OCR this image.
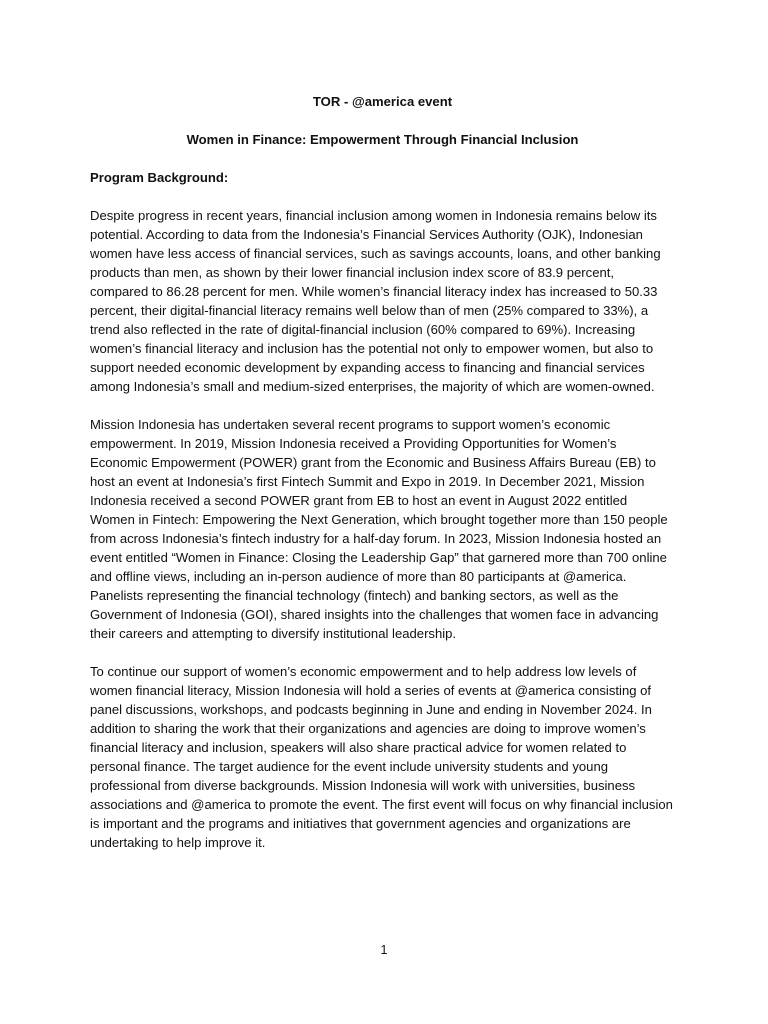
TOR - @america event

Women in Finance: Empowerment Through Financial Inclusion

Program Background:

Despite progress in recent years, financial inclusion among women in Indonesia remains below its potential. According to data from the Indonesia’s Financial Services Authority (OJK), Indonesian women have less access of financial services, such as savings accounts, loans, and other banking products than men, as shown by their lower financial inclusion index score of 83.9 percent, compared to 86.28 percent for men. While women’s financial literacy index has increased to 50.33 percent, their digital-financial literacy remains well below than of men (25% compared to 33%), a trend also reflected in the rate of digital-financial inclusion (60% compared to 69%). Increasing women’s financial literacy and inclusion has the potential not only to empower women, but also to support needed economic development by expanding access to financing and financial services among Indonesia’s small and medium-sized enterprises, the majority of which are women-owned.

Mission Indonesia has undertaken several recent programs to support women’s economic empowerment. In 2019, Mission Indonesia received a Providing Opportunities for Women’s Economic Empowerment (POWER) grant from the Economic and Business Affairs Bureau (EB) to host an event at Indonesia’s first Fintech Summit and Expo in 2019. In December 2021, Mission Indonesia received a second POWER grant from EB to host an event in August 2022 entitled Women in Fintech: Empowering the Next Generation, which brought together more than 150 people from across Indonesia’s fintech industry for a half-day forum. In 2023, Mission Indonesia hosted an event entitled “Women in Finance: Closing the Leadership Gap” that garnered more than 700 online and offline views, including an in-person audience of more than 80 participants at @america. Panelists representing the financial technology (fintech) and banking sectors, as well as the Government of Indonesia (GOI), shared insights into the challenges that women face in advancing their careers and attempting to diversify institutional leadership.

To continue our support of women’s economic empowerment and to help address low levels of women financial literacy, Mission Indonesia will hold a series of events at @america consisting of panel discussions, workshops, and podcasts beginning in June and ending in November 2024. In addition to sharing the work that their organizations and agencies are doing to improve women’s financial literacy and inclusion, speakers will also share practical advice for women related to personal finance. The target audience for the event include university students and young professional from diverse backgrounds. Mission Indonesia will work with universities, business associations and @america to promote the event. The first event will focus on why financial inclusion is important and the programs and initiatives that government agencies and organizations are undertaking to help improve it.

1
